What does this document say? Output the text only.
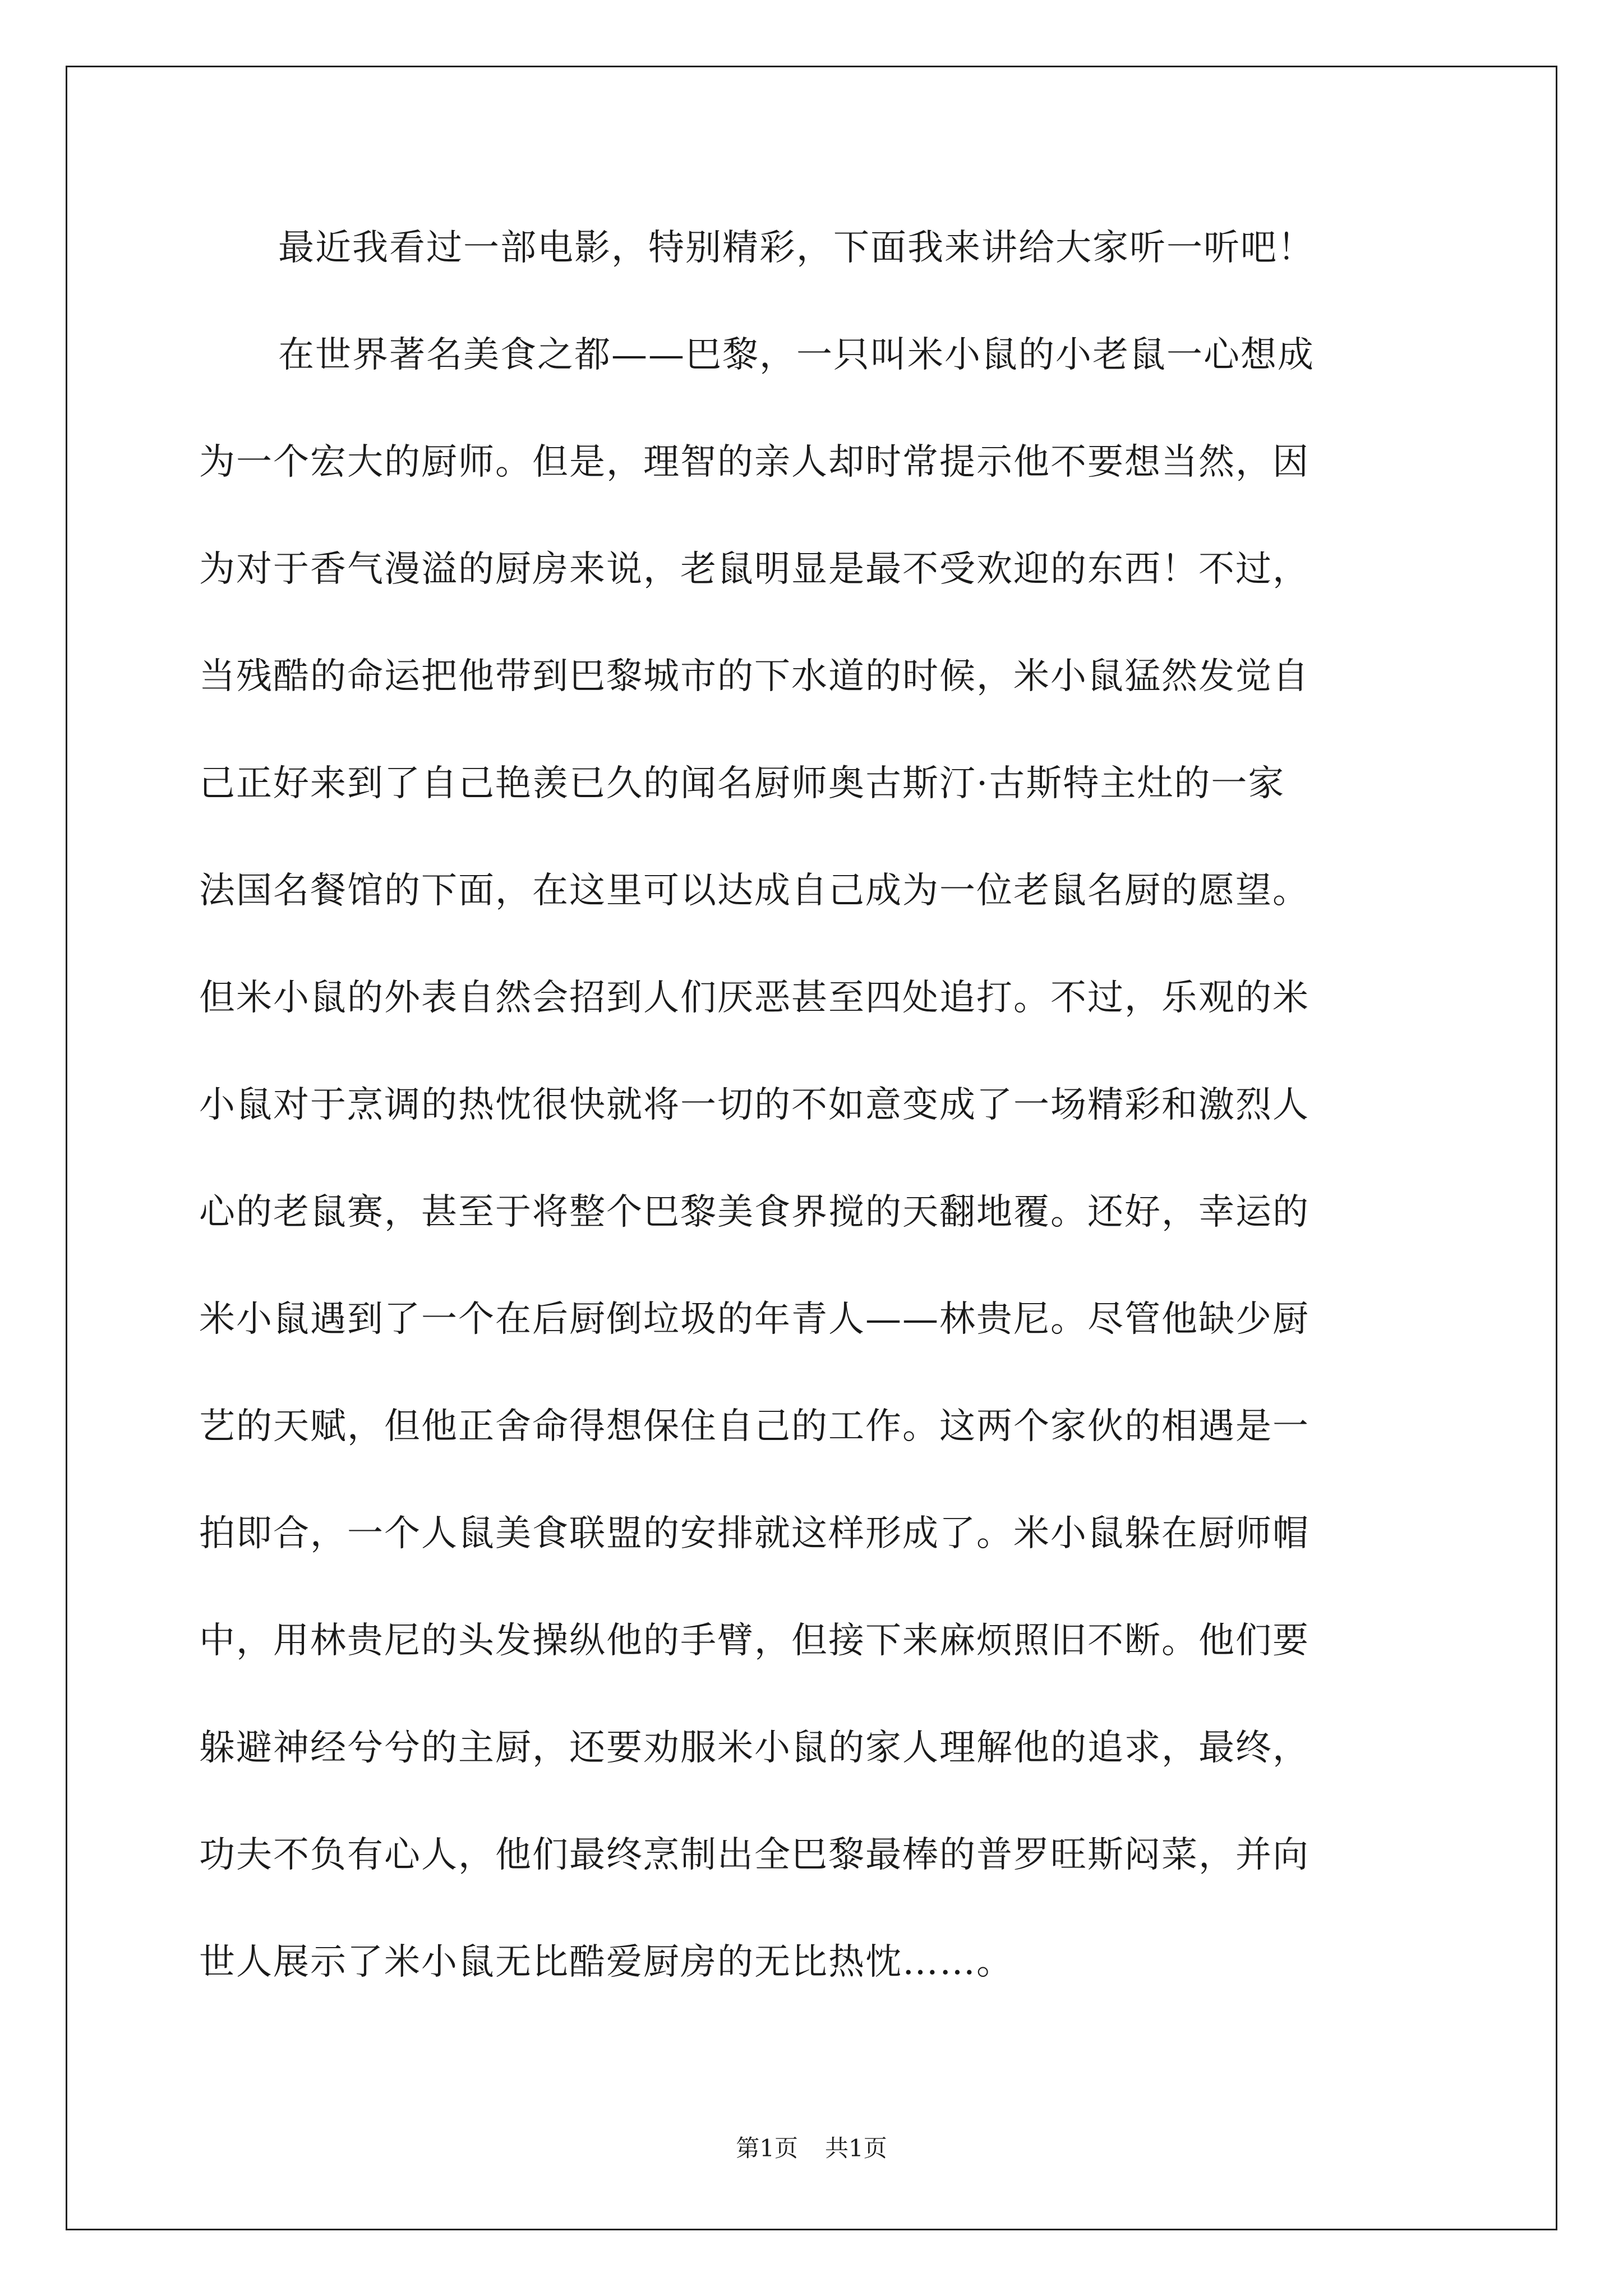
最近我看过一部电影，特别精彩，下面我来讲给大家听一听吧！
在世界著名美食之都——巴黎，一只叫米小鼠的小老鼠一心想成
为一个宏大的厨师。但是，理智的亲人却时常提示他不要想当然，因
为对于香气漫溢的厨房来说，老鼠明显是最不受欢迎的东西！不过，
当残酷的命运把他带到巴黎城市的下水道的时候，米小鼠猛然发觉自
己正好来到了自己艳羡已久的闻名厨师奥古斯汀·古斯特主灶的一家
法国名餐馆的下面，在这里可以达成自己成为一位老鼠名厨的愿望。
但米小鼠的外表自然会招到人们厌恶甚至四处追打。不过，乐观的米
小鼠对于烹调的热忱很快就将一切的不如意变成了一场精彩和激烈人
心的老鼠赛，甚至于将整个巴黎美食界搅的天翻地覆。还好，幸运的
米小鼠遇到了一个在后厨倒垃圾的年青人——林贵尼。尽管他缺少厨
艺的天赋，但他正舍命得想保住自己的工作。这两个家伙的相遇是一
拍即合，一个人鼠美食联盟的安排就这样形成了。米小鼠躲在厨师帽
中，用林贵尼的头发操纵他的手臂，但接下来麻烦照旧不断。他们要
躲避神经兮兮的主厨，还要劝服米小鼠的家人理解他的追求，最终，
功夫不负有心人，他们最终烹制出全巴黎最棒的普罗旺斯闷菜，并向
世人展示了米小鼠无比酷爱厨房的无比热忱……。
第1页 共1页
